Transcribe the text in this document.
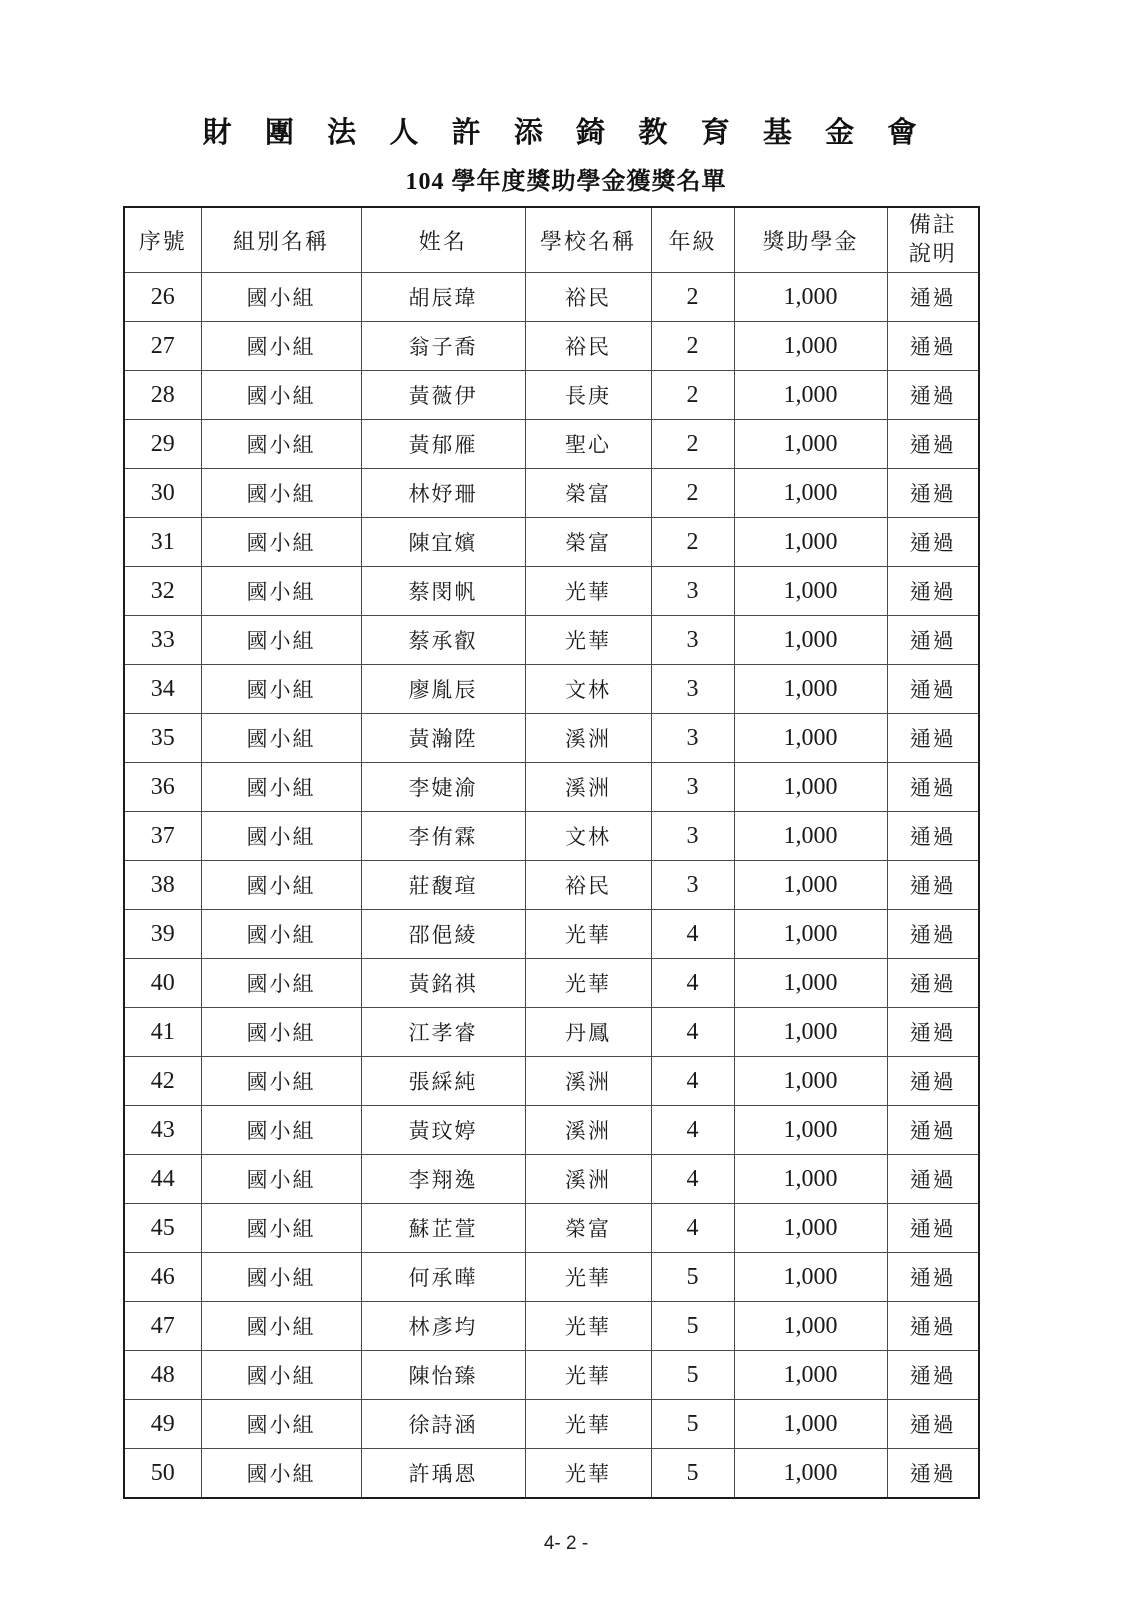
財 團 法 人 許 添 錡 教 育 基 金 會
104 學年度獎助學金獲獎名單
序號	組別名稱	姓名	學校名稱	年級	獎助學金	備註
說明

26	國小組	胡辰瑋	裕民	2	1,000	通過
27	國小組	翁子喬	裕民	2	1,000	通過
28	國小組	黃薇伊	長庚	2	1,000	通過
29	國小組	黃郁雁	聖心	2	1,000	通過
30	國小組	林妤珊	榮富	2	1,000	通過
31	國小組	陳宜嬪	榮富	2	1,000	通過
32	國小組	蔡閔帆	光華	3	1,000	通過
33	國小組	蔡承叡	光華	3	1,000	通過
34	國小組	廖胤辰	文林	3	1,000	通過
35	國小組	黃瀚陞	溪洲	3	1,000	通過
36	國小組	李婕渝	溪洲	3	1,000	通過
37	國小組	李侑霖	文林	3	1,000	通過
38	國小組	莊馥瑄	裕民	3	1,000	通過
39	國小組	邵俋綾	光華	4	1,000	通過
40	國小組	黃銘祺	光華	4	1,000	通過
41	國小組	江孝睿	丹鳳	4	1,000	通過
42	國小組	張綵純	溪洲	4	1,000	通過
43	國小組	黃玟婷	溪洲	4	1,000	通過
44	國小組	李翔逸	溪洲	4	1,000	通過
45	國小組	蘇芷萱	榮富	4	1,000	通過
46	國小組	何承曄	光華	5	1,000	通過
47	國小組	林彥均	光華	5	1,000	通過
48	國小組	陳怡臻	光華	5	1,000	通過
49	國小組	徐詩涵	光華	5	1,000	通過
50	國小組	許瑀恩	光華	5	1,000	通過
4- 2 -
